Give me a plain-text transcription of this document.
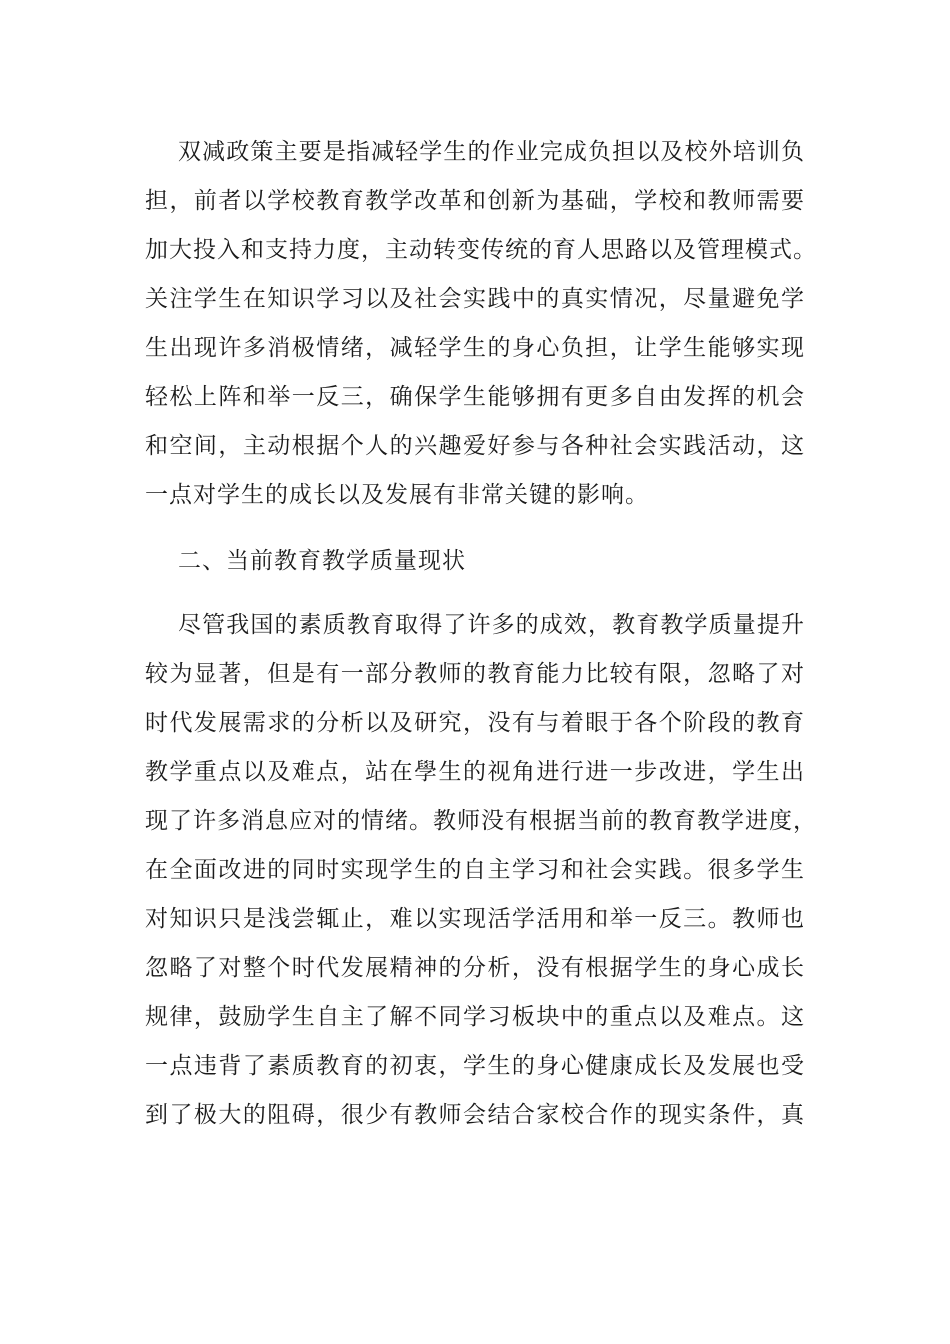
双减政策主要是指减轻学生的作业完成负担以及校外培训负
担，前者以学校教育教学改革和创新为基础，学校和教师需要
加大投入和支持力度，主动转变传统的育人思路以及管理模式。
关注学生在知识学习以及社会实践中的真实情况，尽量避免学
生出现许多消极情绪，减轻学生的身心负担，让学生能够实现
轻松上阵和举一反三，确保学生能够拥有更多自由发挥的机会
和空间，主动根据个人的兴趣爱好参与各种社会实践活动，这
一点对学生的成长以及发展有非常关键的影响。
二、当前教育教学质量现状
尽管我国的素质教育取得了许多的成效，教育教学质量提升
较为显著，但是有一部分教师的教育能力比较有限，忽略了对
时代发展需求的分析以及研究，没有与着眼于各个阶段的教育
教学重点以及难点，站在學生的视角进行进一步改进，学生出
现了许多消息应对的情绪。教师没有根据当前的教育教学进度，
在全面改进的同时实现学生的自主学习和社会实践。很多学生
对知识只是浅尝辄止，难以实现活学活用和举一反三。教师也
忽略了对整个时代发展精神的分析，没有根据学生的身心成长
规律，鼓励学生自主了解不同学习板块中的重点以及难点。这
一点违背了素质教育的初衷，学生的身心健康成长及发展也受
到了极大的阻碍，很少有教师会结合家校合作的现实条件，真
